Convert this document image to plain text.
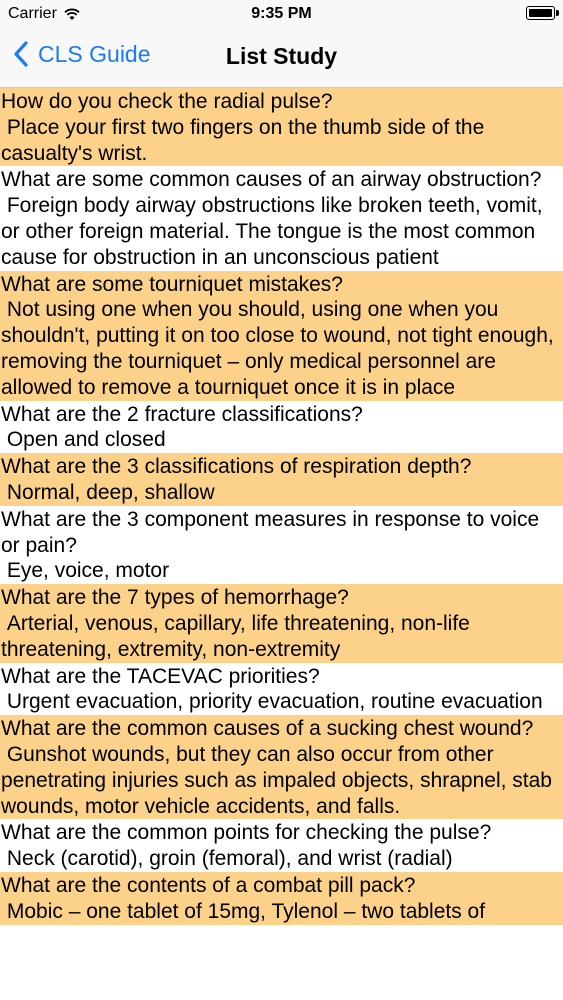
Carrier	9:35 PM
CLS Guide	List Study
How do you check the radial pulse?
Place your first two fingers on the thumb side of the casualty's wrist.
What are some common causes of an airway obstruction?
Foreign body airway obstructions like broken teeth, vomit, or other foreign material. The tongue is the most common cause for obstruction in an unconscious patient
What are some tourniquet mistakes?
Not using one when you should, using one when you shouldn't, putting it on too close to wound, not tight enough, removing the tourniquet – only medical personnel are allowed to remove a tourniquet once it is in place
What are the 2 fracture classifications?
Open and closed
What are the 3 classifications of respiration depth?
Normal, deep, shallow
What are the 3 component measures in response to voice or pain?
Eye, voice, motor
What are the 7 types of hemorrhage?
Arterial, venous, capillary, life threatening, non-life threatening, extremity, non-extremity
What are the TACEVAC priorities?
Urgent evacuation, priority evacuation, routine evacuation
What are the common causes of a sucking chest wound?
Gunshot wounds, but they can also occur from other penetrating injuries such as impaled objects, shrapnel, stab wounds, motor vehicle accidents, and falls.
What are the common points for checking the pulse?
Neck (carotid), groin (femoral), and wrist (radial)
What are the contents of a combat pill pack?
Mobic – one tablet of 15mg, Tylenol – two tablets of
